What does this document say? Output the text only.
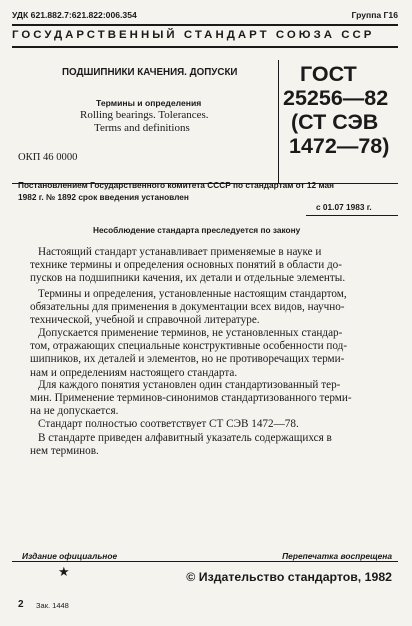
УДК 621.882.7:621.822:006.354	Группа Г16
ГОСУДАРСТВЕННЫЙ СТАНДАРТ СОЮЗА ССР
ПОДШИПНИКИ КАЧЕНИЯ. ДОПУСКИ
Термины и определения
Rolling bearings. Tolerances.
Terms and definitions
ОКП 46 0000
ГОСТ
25256—82
(СТ СЭВ
1472—78)
Постановлением Государственного комитета СССР по стандартам от 12 мая
1982 г. № 1892 срок введения установлен
с 01.07 1983 г.
Несоблюдение стандарта преследуется по закону
Настоящий стандарт устанавливает применяемые в науке и
технике термины и определения основных понятий в области до-
пусков на подшипники качения, их детали и отдельные элементы.
Термины и определения, установленные настоящим стандартом,
обязательны для применения в документации всех видов, научно-
технической, учебной и справочной литературе.
Допускается применение терминов, не установленных стандар-
том, отражающих специальные конструктивные особенности под-
шипников, их деталей и элементов, но не противоречащих терми-
нам и определениям настоящего стандарта.
Для каждого понятия установлен один стандартизованный тер-
мин. Применение терминов-синонимов стандартизованного терми-
на не допускается.
Стандарт полностью соответствует СТ СЭВ 1472—78.
В стандарте приведен алфавитный указатель содержащихся в
нем терминов.
Издание официальное	Перепечатка воспрещена
★	© Издательство стандартов, 1982
2 Зак. 1448
